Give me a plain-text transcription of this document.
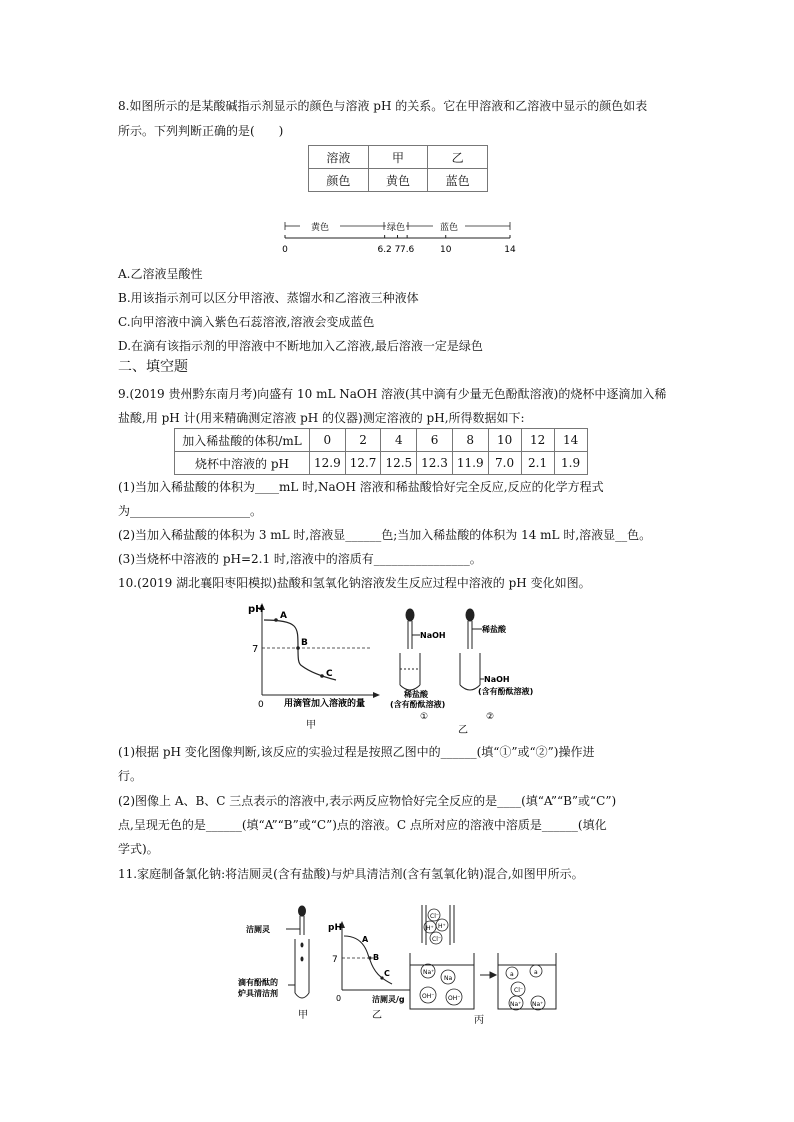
8.如图所示的是某酸碱指示剂显示的颜色与溶液 pH 的关系。它在甲溶液和乙溶液中显示的颜色如表
所示。下列判断正确的是(　　)
溶液	甲	乙
颜色	黄色	蓝色
0	6.2 7 7.6	10	14
黄色	绿色	蓝色
A.乙溶液呈酸性
B.用该指示剂可以区分甲溶液、蒸馏水和乙溶液三种液体
C.向甲溶液中滴入紫色石蕊溶液,溶液会变成蓝色
D.在滴有该指示剂的甲溶液中不断地加入乙溶液,最后溶液一定是绿色
二、填空题
9.(2019 贵州黔东南月考)向盛有 10 mL NaOH 溶液(其中滴有少量无色酚酞溶液)的烧杯中逐滴加入稀
盐酸,用 pH 计(用来精确测定溶液 pH 的仪器)测定溶液的 pH,所得数据如下:
加入稀盐酸的体积/mL	0	2	4	6	8	10	12	14
烧杯中溶液的 pH	12.9	12.7	12.5	12.3	11.9	7.0	2.1	1.9
(1)当加入稀盐酸的体积为____mL 时,NaOH 溶液和稀盐酸恰好完全反应,反应的化学方程式
为____________________。
(2)当加入稀盐酸的体积为 3 mL 时,溶液显______色;当加入稀盐酸的体积为 14 mL 时,溶液显__色。
(3)当烧杯中溶液的 pH=2.1 时,溶液中的溶质有________________。
10.(2019 湖北襄阳枣阳模拟)盐酸和氢氧化钠溶液发生反应过程中溶液的 pH 变化如图。
pH
7
0 用滴管加入溶液的量
A
B
C
甲
NaOH
稀盐酸
(含有酚酞溶液)
①
稀盐酸
NaOH
(含有酚酞溶液)
②
乙
(1)根据 pH 变化图像判断,该反应的实验过程是按照乙图中的______(填“①”或“②”)操作进
行。
(2)图像上 A、B、C 三点表示的溶液中,表示两反应物恰好完全反应的是____(填“A”“B”或“C”)
点,呈现无色的是______(填“A”“B”或“C”)点的溶液。C 点所对应的溶液中溶质是______(填化
学式)。
11.家庭制备氯化钠:将洁厕灵(含有盐酸)与炉具清洁剂(含有氢氧化钠)混合,如图甲所示。
洁厕灵
滴有酚酞的
炉具清洁剂
甲
pH
7
0	洁厕灵/g
A
B
C
乙
Cl⁻
H⁺ H⁺
Cl⁻
Na⁺
Na
OH⁻ OH⁻
a	a
Cl⁻
Na⁺ Na⁺
丙
